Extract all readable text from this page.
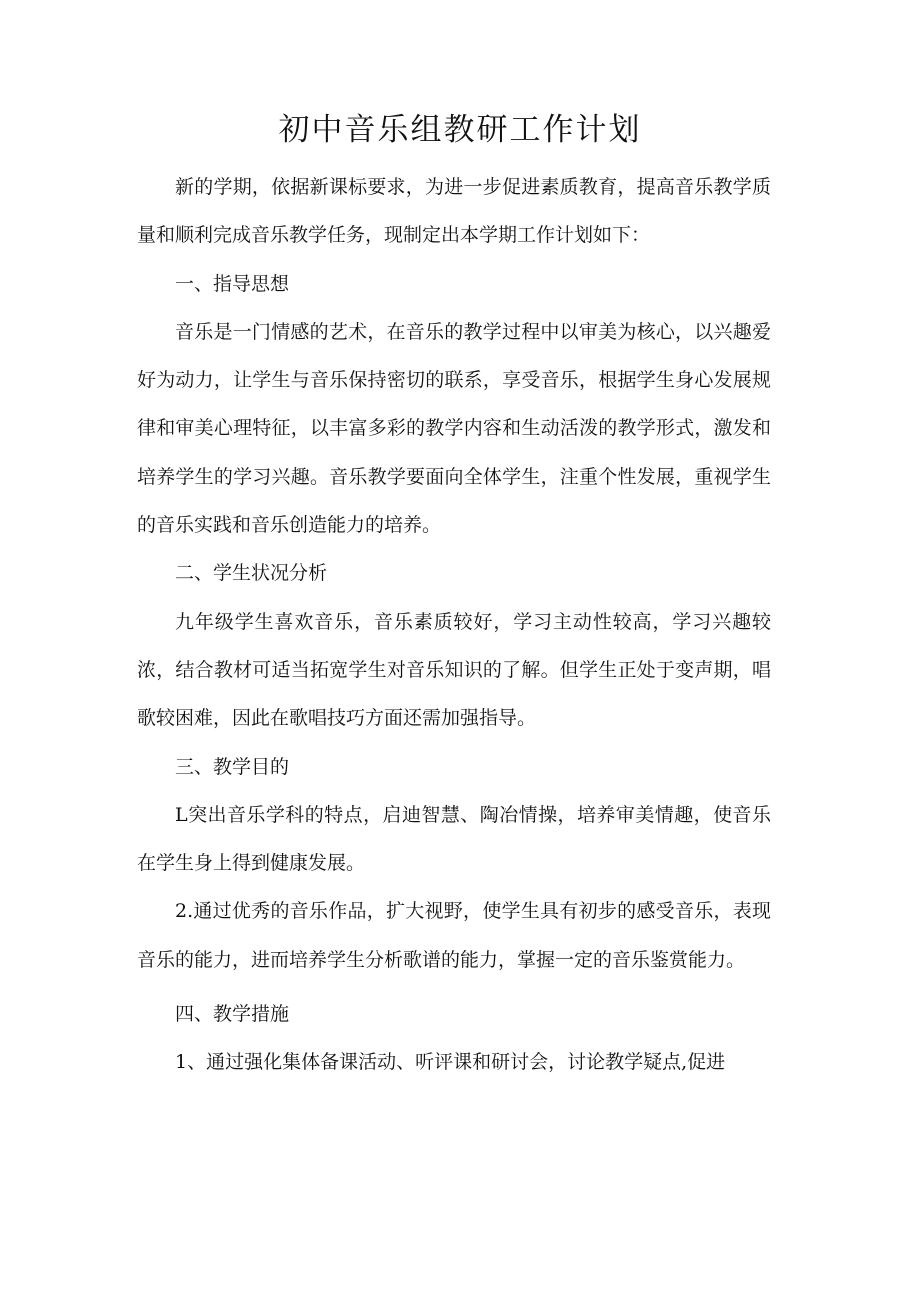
初中音乐组教研工作计划

新的学期，依据新课标要求，为进一步促进素质教育，提高音乐教学质量和顺利完成音乐教学任务，现制定出本学期工作计划如下：

一、指导思想

音乐是一门情感的艺术，在音乐的教学过程中以审美为核心，以兴趣爱好为动力，让学生与音乐保持密切的联系，享受音乐，根据学生身心发展规律和审美心理特征，以丰富多彩的教学内容和生动活泼的教学形式，激发和培养学生的学习兴趣。音乐教学要面向全体学生，注重个性发展，重视学生的音乐实践和音乐创造能力的培养。

二、学生状况分析

九年级学生喜欢音乐，音乐素质较好，学习主动性较高，学习兴趣较浓，结合教材可适当拓宽学生对音乐知识的了解。但学生正处于变声期，唱歌较困难，因此在歌唱技巧方面还需加强指导。

三、教学目的

L突出音乐学科的特点，启迪智慧、陶冶情操，培养审美情趣，使音乐在学生身上得到健康发展。

2.通过优秀的音乐作品，扩大视野，使学生具有初步的感受音乐，表现音乐的能力，进而培养学生分析歌谱的能力，掌握一定的音乐鉴赏能力。

四、教学措施

1、通过强化集体备课活动、听评课和研讨会，讨论教学疑点,促进
